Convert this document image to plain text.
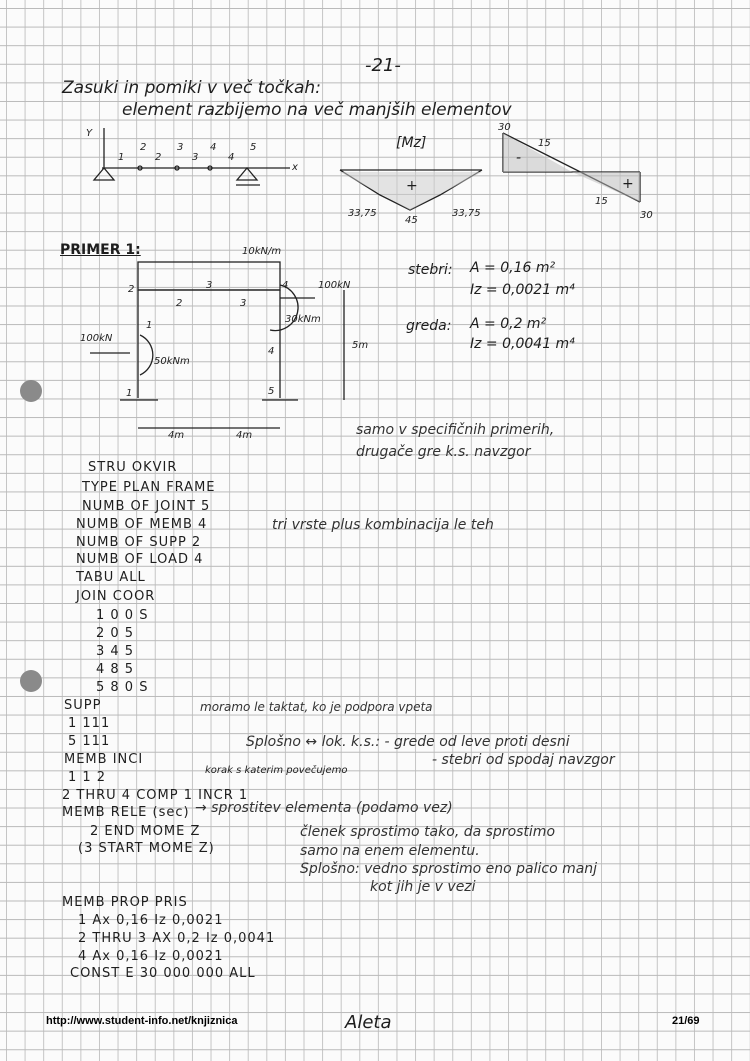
-21-
Zasuki in pomiki v več točkah:
element razbijemo na več manjših elementov
Y
x
1	2	3	4
2	3	4	5	[Mz]
+
33,75
45
33,75
30
15
15
30
-
+
PRIMER 1:	10kN/m
100kN
100kN
50kNm
30kNm
5m
4m	4m
2	3	4
1	5
1
2	3
4
stebri: A = 0,16 m²
Iz = 0,0021 m⁴
greda: A = 0,2 m²
Iz = 0,0041 m⁴
samo v specifičnih primerih,
drugače gre k.s. navzgor
STRU OKVIR
TYPE PLAN FRAME
NUMB OF JOINT 5
NUMB OF MEMB 4
NUMB OF SUPP 2
NUMB OF LOAD 4
TABU ALL
JOIN COOR
1 0 0 S
2 0 5
3 4 5
4 8 5
5 8 0 S
SUPP
1 111
5 111
MEMB INCI
1 1 2
2 THRU 4 COMP 1 INCR 1
MEMB RELE (sec)
2 END MOME Z
(3 START MOME Z)
MEMB PROP PRIS
1 Ax 0,16 Iz 0,0021
2 THRU 3 AX 0,2 Iz 0,0041
4 Ax 0,16 Iz 0,0021
CONST E 30 000 000 ALL
tri vrste plus kombinacija le teh
moramo le taktat, ko je podpora vpeta
Splošno ↔ lok. k.s.: - grede od leve proti desni
- stebri od spodaj navzgor
korak s katerim povečujemo
→ sprostitev elementa (podamo vez)
členek sprostimo tako, da sprostimo
samo na enem elementu.
Splošno: vedno sprostimo eno palico manj
kot jih je v vezi
http://www.student-info.net/knjiznica	Aleta	21/69
